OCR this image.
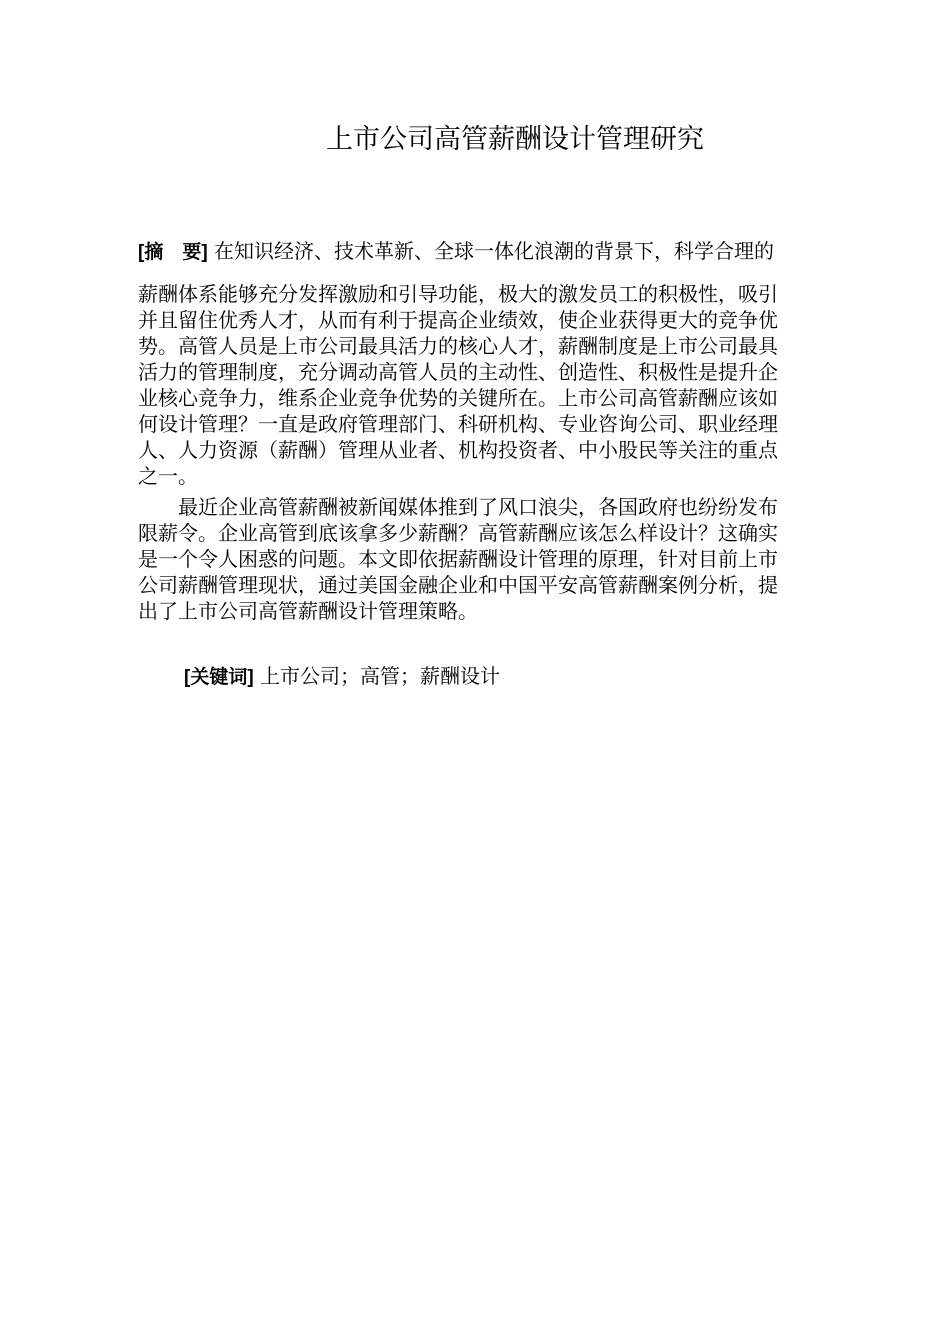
上市公司高管薪酬设计管理研究

[摘　要] 在知识经济、技术革新、全球一体化浪潮的背景下，科学合理的

薪酬体系能够充分发挥激励和引导功能，极大的激发员工的积极性，吸引
并且留住优秀人才，从而有利于提高企业绩效，使企业获得更大的竞争优
势。高管人员是上市公司最具活力的核心人才，薪酬制度是上市公司最具
活力的管理制度，充分调动高管人员的主动性、创造性、积极性是提升企
业核心竞争力，维系企业竞争优势的关键所在。上市公司高管薪酬应该如
何设计管理？一直是政府管理部门、科研机构、专业咨询公司、职业经理
人、人力资源（薪酬）管理从业者、机构投资者、中小股民等关注的重点
之一。
　　最近企业高管薪酬被新闻媒体推到了风口浪尖，各国政府也纷纷发布
限薪令。企业高管到底该拿多少薪酬？高管薪酬应该怎么样设计？这确实
是一个令人困惑的问题。本文即依据薪酬设计管理的原理，针对目前上市
公司薪酬管理现状，通过美国金融企业和中国平安高管薪酬案例分析，提
出了上市公司高管薪酬设计管理策略。

[关键词] 上市公司；高管；薪酬设计
